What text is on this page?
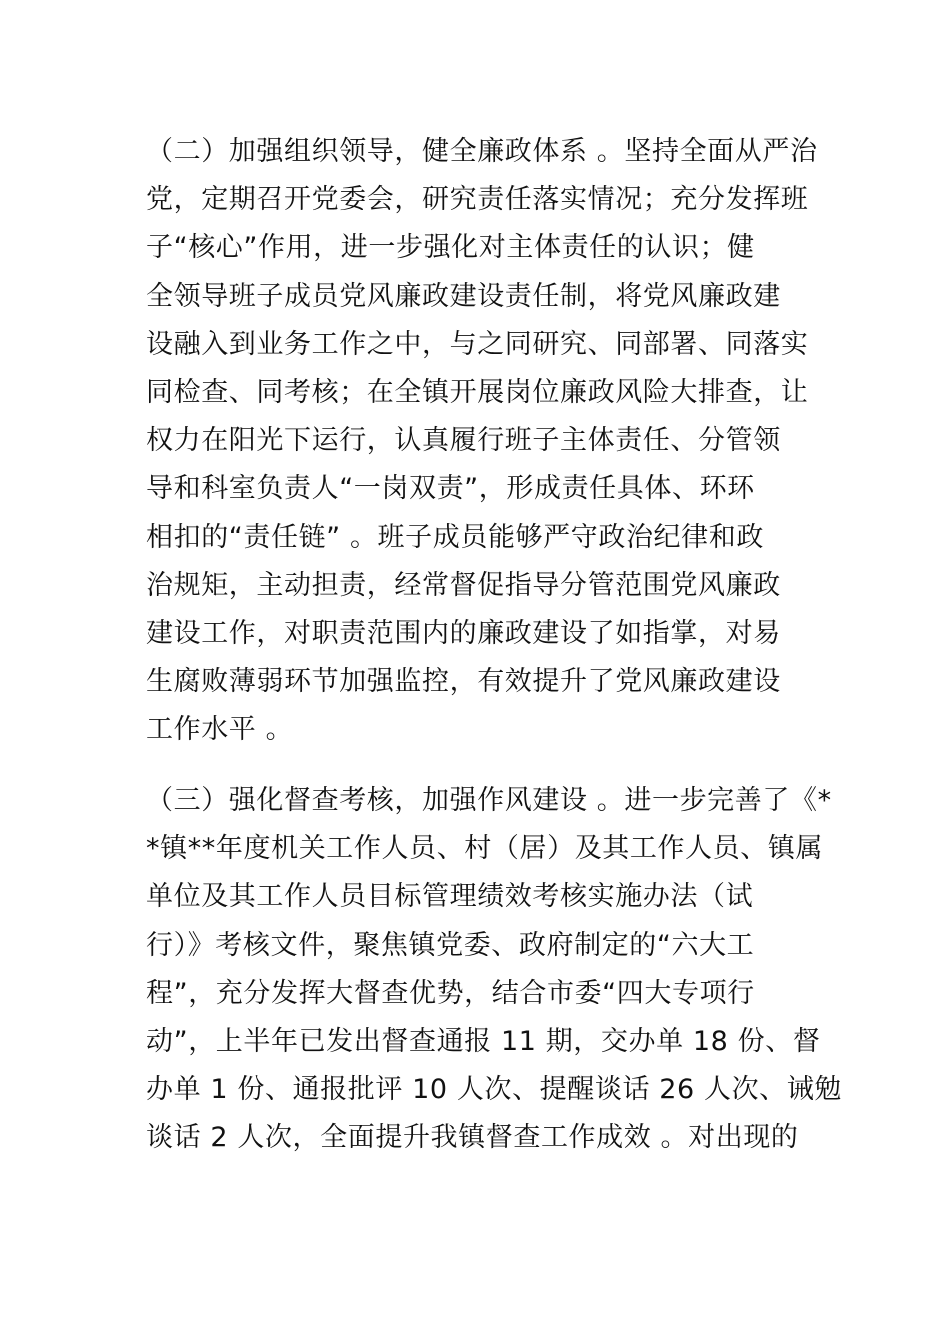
（二）加强组织领导，健全廉政体系 。坚持全面从严治
党，定期召开党委会，研究责任落实情况；充分发挥班
子“核心”作用，进一步强化对主体责任的认识；健
全领导班子成员党风廉政建设责任制，将党风廉政建
设融入到业务工作之中，与之同研究、同部署、同落实
同检查、同考核；在全镇开展岗位廉政风险大排查，让
权力在阳光下运行，认真履行班子主体责任、分管领
导和科室负责人“一岗双责”，形成责任具体、环环
相扣的“责任链” 。班子成员能够严守政治纪律和政
治规矩，主动担责，经常督促指导分管范围党风廉政
建设工作，对职责范围内的廉政建设了如指掌，对易
生腐败薄弱环节加强监控，有效提升了党风廉政建设
工作水平 。
（三）强化督查考核，加强作风建设 。进一步完善了《*
*镇**年度机关工作人员、村（居）及其工作人员、镇属
单位及其工作人员目标管理绩效考核实施办法（试
行）》考核文件，聚焦镇党委、政府制定的“六大工
程”，充分发挥大督查优势，结合市委“四大专项行
动”，上半年已发出督查通报 11 期，交办单 18 份、督
办单 1 份、通报批评 10 人次、提醒谈话 26 人次、诫勉
谈话 2 人次，全面提升我镇督查工作成效 。对出现的
